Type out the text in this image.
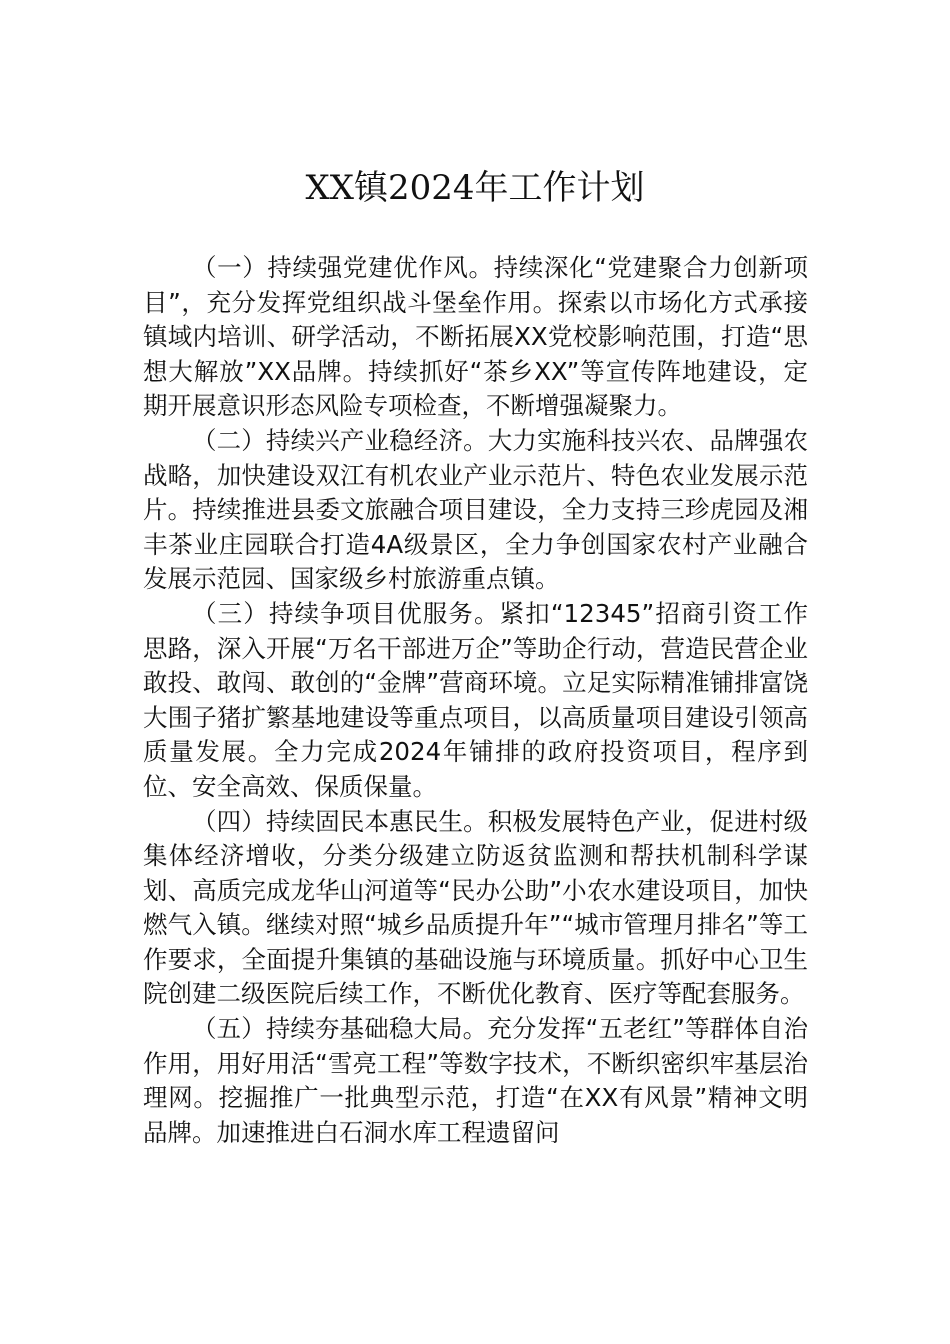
XX镇2024年工作计划

（一）持续强党建优作风。持续深化“党建聚合力创新项目”，充分发挥党组织战斗堡垒作用。探索以市场化方式承接镇域内培训、研学活动，不断拓展XX党校影响范围，打造“思想大解放”XX品牌。持续抓好“茶乡XX”等宣传阵地建设，定期开展意识形态风险专项检查，不断增强凝聚力。

（二）持续兴产业稳经济。大力实施科技兴农、品牌强农战略，加快建设双江有机农业产业示范片、特色农业发展示范片。持续推进县委文旅融合项目建设，全力支持三珍虎园及湘丰茶业庄园联合打造4A级景区，全力争创国家农村产业融合发展示范园、国家级乡村旅游重点镇。

（三）持续争项目优服务。紧扣“12345”招商引资工作思路，深入开展“万名干部进万企”等助企行动，营造民营企业敢投、敢闯、敢创的“金牌”营商环境。立足实际精准铺排富饶大围子猪扩繁基地建设等重点项目，以高质量项目建设引领高质量发展。全力完成2024年铺排的政府投资项目，程序到位、安全高效、保质保量。

（四）持续固民本惠民生。积极发展特色产业，促进村级集体经济增收，分类分级建立防返贫监测和帮扶机制科学谋划、高质完成龙华山河道等“民办公助”小农水建设项目，加快燃气入镇。继续对照“城乡品质提升年”“城市管理月排名”等工作要求，全面提升集镇的基础设施与环境质量。抓好中心卫生院创建二级医院后续工作，不断优化教育、医疗等配套服务。

（五）持续夯基础稳大局。充分发挥“五老红”等群体自治作用，用好用活“雪亮工程”等数字技术，不断织密织牢基层治理网。挖掘推广一批典型示范，打造“在XX有风景”精神文明品牌。加速推进白石洞水库工程遗留问
